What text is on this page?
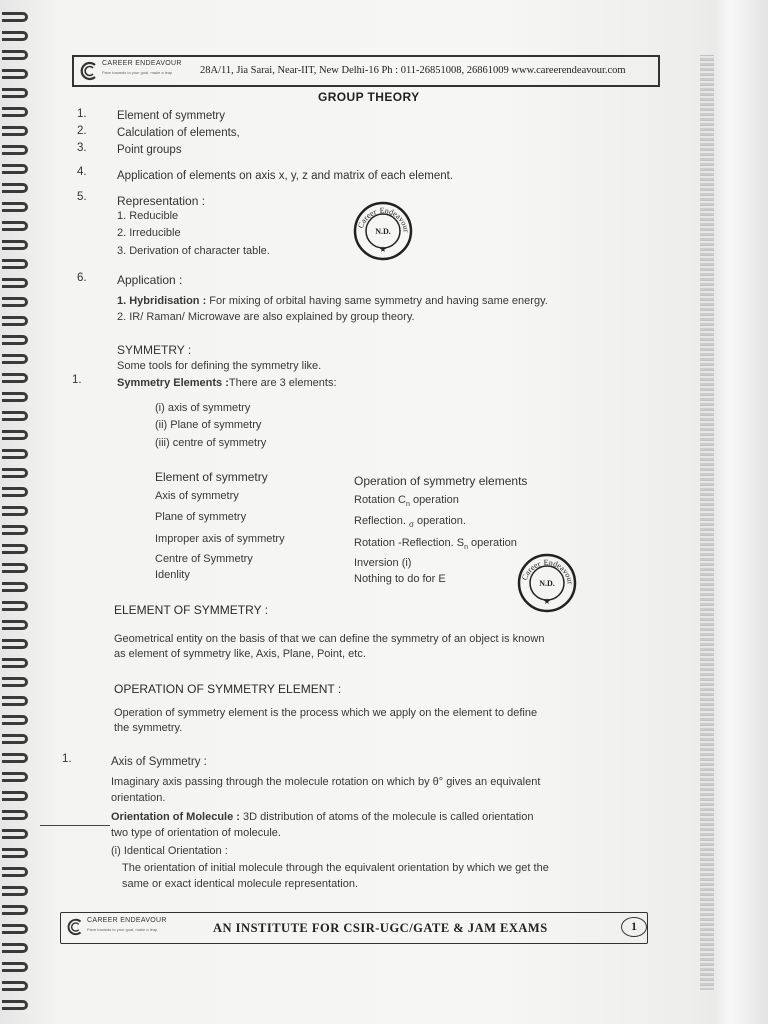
CAREER ENDEAVOUR
Pave towards to your goal, make a leap	28A/11, Jia Sarai, Near-IIT, New Delhi-16 Ph : 011-26851008, 26861009 www.careerendeavour.com
GROUP THEORY
1.	Element of symmetry
2.	Calculation of elements,
3.	Point groups
4.	Application of elements on axis x, y, z and matrix of each element.
5.	Representation :
1. Reducible
2. Irreducible
3. Derivation of character table.
Career Endeavour
N.D.
★
6.	Application :
1. Hybridisation : For mixing of orbital having same symmetry and having same energy.
2. IR/ Raman/ Microwave are also explained by group theory.
SYMMETRY :
Some tools for defining the symmetry like.
1.	Symmetry Elements :There are 3 elements:
(i) axis of symmetry
(ii) Plane of symmetry
(iii) centre of symmetry
Element of symmetry	Operation of symmetry elements
Axis of symmetry	Rotation $C_n$ operation
Plane of symmetry	Reflection. $_\sigma$ operation.
Improper axis of symmetry	Rotation -Reflection. $S_n$ operation
Centre of Symmetry	Inversion (i)
Idenlity	Nothing to do for E	Career Endeavour
N.D.
★
ELEMENT OF SYMMETRY :
Geometrical entity on the basis of that we can define the symmetry of an object is known
as element of symmetry like, Axis, Plane, Point, etc.
OPERATION OF SYMMETRY ELEMENT :
Operation of symmetry element is the process which we apply on the element to define
the symmetry.
1.	Axis of Symmetry :
Imaginary axis passing through the molecule rotation on which by θ° gives an equivalent
orientation.
Orientation of Molecule : 3D distribution of atoms of the molecule is called orientation
two type of orientation of molecule.
(i) Identical Orientation :
The orientation of initial molecule through the equivalent orientation by which we get the
same or exact identical molecule representation.
CAREER ENDEAVOUR
Pave towards to your goal, make a leap	AN INSTITUTE FOR CSIR-UGC/GATE & JAM EXAMS	1
